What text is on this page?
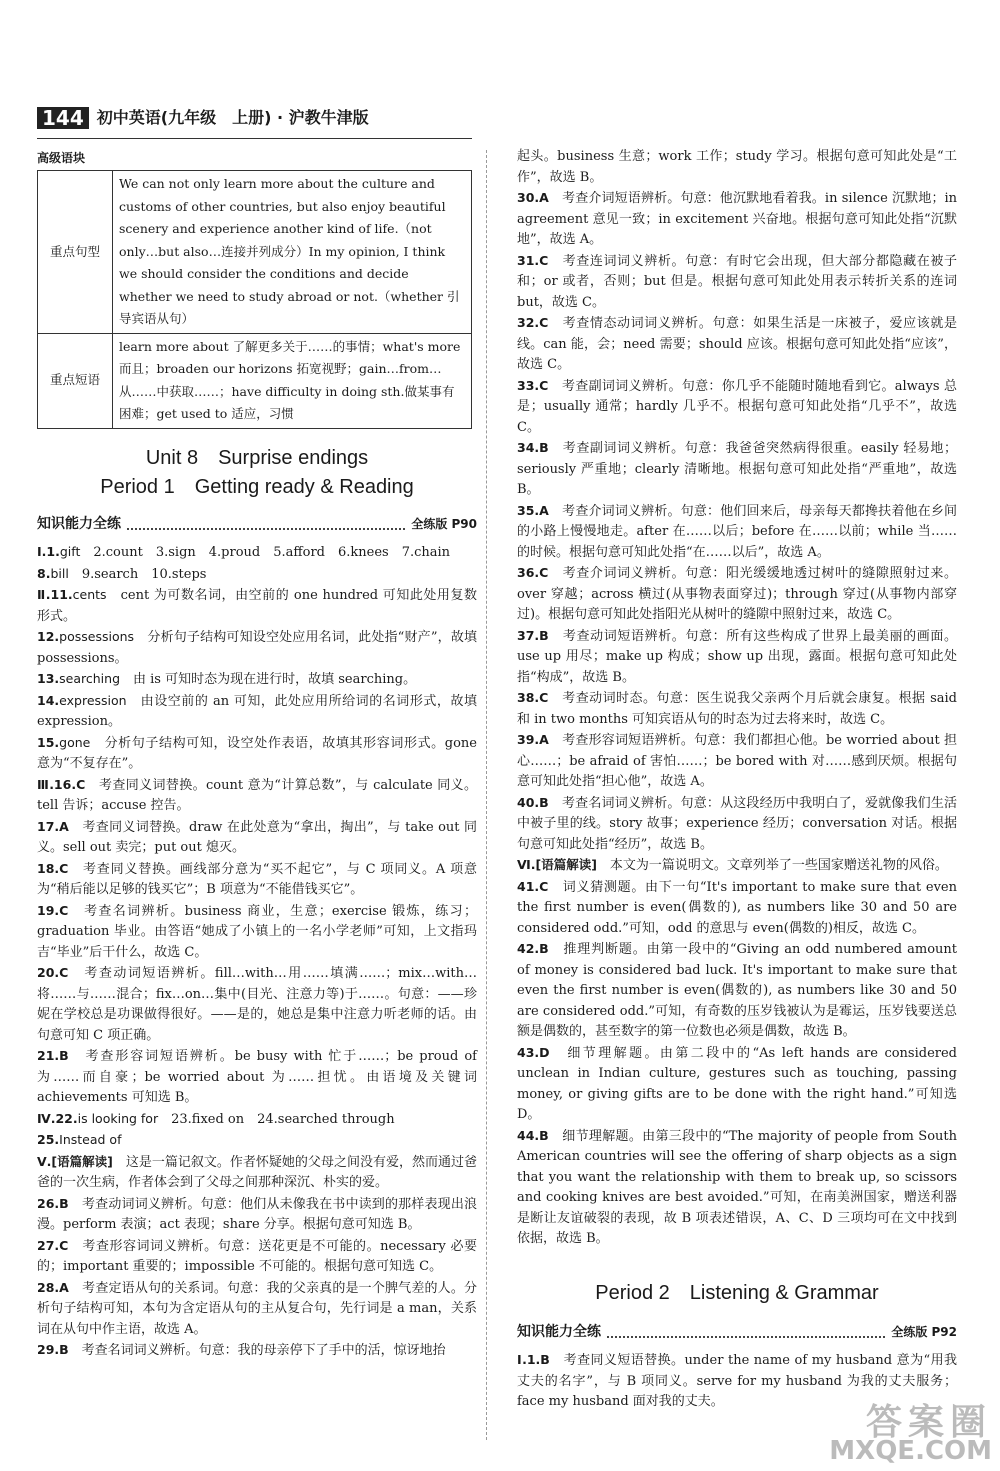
144 初中英语(九年级　上册) · 沪教牛津版
高级语块
重点句型	We can not only learn more about the culture and customs of other countries, but also enjoy beautiful scenery and experience another kind of life.（not only…but also…连接并列成分）In my opinion, I think we should consider the conditions and decide whether we need to study abroad or not.（whether 引导宾语从句）
重点短语	learn more about 了解更多关于……的事情；what's more 而且；broaden our horizons 拓宽视野；gain…from…从……中获取……；have difficulty in doing sth.做某事有困难；get used to 适应，习惯
Unit 8　Surprise endings
Period 1　Getting ready & Reading
知识能力全练	全练版 P90

Ⅰ.1.gift　2.count　3.sign　4.proud　5.afford　6.knees　7.chain

8.bill　9.search　10.steps

Ⅱ.11.cents　cent 为可数名词，由空前的 one hundred 可知此处用复数形式。

12.possessions　分析句子结构可知设空处应用名词，此处指“财产”，故填 possessions。

13.searching　由 is 可知时态为现在进行时，故填 searching。

14.expression　由设空前的 an 可知，此处应用所给词的名词形式，故填 expression。

15.gone　分析句子结构可知，设空处作表语，故填其形容词形式。gone 意为“不复存在”。

Ⅲ.16.C　考查同义词替换。count 意为“计算总数”，与 calculate 同义。tell 告诉；accuse 控告。

17.A　考查同义词替换。draw 在此处意为“拿出，掏出”，与 take out 同义。sell out 卖完；put out 熄灭。

18.C　考查同义替换。画线部分意为“买不起它”，与 C 项同义。A 项意为“稍后能以足够的钱买它”；B 项意为“不能借钱买它”。

19.C　考查名词辨析。business 商业，生意；exercise 锻炼，练习；graduation 毕业。由答语“她成了小镇上的一名小学老师”可知，上文指玛吉“毕业”后干什么，故选 C。

20.C　考查动词短语辨析。fill…with…用……填满……；mix…with…将……与……混合；fix…on…集中(目光、注意力等)于……。句意：——珍妮在学校总是功课做得很好。——是的，她总是集中注意力听老师的话。由句意可知 C 项正确。

21.B　考查形容词短语辨析。be busy with 忙于……；be proud of 为……而自豪；be worried about 为……担忧。由语境及关键词 achievements 可知选 B。

Ⅳ.22.is looking for　23.fixed on　24.searched through

25.Instead of

Ⅴ.[语篇解读]　这是一篇记叙文。作者怀疑她的父母之间没有爱，然而通过爸爸的一次生病，作者体会到了父母之间那种深沉、朴实的爱。

26.B　考查动词词义辨析。句意：他们从未像我在书中读到的那样表现出浪漫。perform 表演；act 表现；share 分享。根据句意可知选 B。

27.C　考查形容词词义辨析。句意：送花更是不可能的。necessary 必要的；important 重要的；impossible 不可能的。根据句意可知选 C。

28.A　考查定语从句的关系词。句意：我的父亲真的是一个脾气差的人。分析句子结构可知，本句为含定语从句的主从复合句，先行词是 a man，关系词在从句中作主语，故选 A。

29.B　考查名词词义辨析。句意：我的母亲停下了手中的活，惊讶地抬

起头。business 生意；work 工作；study 学习。根据句意可知此处是“工作”，故选 B。

30.A　考查介词短语辨析。句意：他沉默地看着我。in silence 沉默地；in agreement 意见一致；in excitement 兴奋地。根据句意可知此处指“沉默地”，故选 A。

31.C　考查连词词义辨析。句意：有时它会出现，但大部分都隐藏在被子和；or 或者，否则；but 但是。根据句意可知此处用表示转折关系的连词 but，故选 C。

32.C　考查情态动词词义辨析。句意：如果生活是一床被子，爱应该就是线。can 能，会；need 需要；should 应该。根据句意可知此处指“应该”，故选 C。

33.C　考查副词词义辨析。句意：你几乎不能随时随地看到它。always 总是；usually 通常；hardly 几乎不。根据句意可知此处指“几乎不”，故选 C。

34.B　考查副词词义辨析。句意：我爸爸突然病得很重。easily 轻易地；seriously 严重地；clearly 清晰地。根据句意可知此处指“严重地”，故选 B。

35.A　考查介词词义辨析。句意：他们回来后，母亲每天都搀扶着他在乡间的小路上慢慢地走。after 在……以后；before 在……以前；while 当……的时候。根据句意可知此处指“在……以后”，故选 A。

36.C　考查介词词义辨析。句意：阳光缓缓地透过树叶的缝隙照射过来。over 穿越；across 横过(从事物表面穿过)；through 穿过(从事物内部穿过)。根据句意可知此处指阳光从树叶的缝隙中照射过来，故选 C。

37.B　考查动词短语辨析。句意：所有这些构成了世界上最美丽的画面。use up 用尽；make up 构成；show up 出现，露面。根据句意可知此处指“构成”，故选 B。

38.C　考查动词时态。句意：医生说我父亲两个月后就会康复。根据 said 和 in two months 可知宾语从句的时态为过去将来时，故选 C。

39.A　考查形容词短语辨析。句意：我们都担心他。be worried about 担心……；be afraid of 害怕……；be bored with 对……感到厌烦。根据句意可知此处指“担心他”，故选 A。

40.B　考查名词词义辨析。句意：从这段经历中我明白了，爱就像我们生活中被子里的线。story 故事；experience 经历；conversation 对话。根据句意可知此处指“经历”，故选 B。

Ⅵ.[语篇解读]　本文为一篇说明文。文章列举了一些国家赠送礼物的风俗。

41.C　词义猜测题。由下一句“It's important to make sure that even the first number is even(偶数的), as numbers like 30 and 50 are considered odd.”可知，odd 的意思与 even(偶数的)相反，故选 C。

42.B　推理判断题。由第一段中的“Giving an odd numbered amount of money is considered bad luck. It's important to make sure that even the first number is even(偶数的), as numbers like 30 and 50 are considered odd.”可知，有奇数的压岁钱被认为是霉运，压岁钱要送总额是偶数的，甚至数字的第一位数也必须是偶数，故选 B。

43.D　细节理解题。由第二段中的“As left hands are considered unclean in Indian culture, gestures such as touching, passing money, or giving gifts are to be done with the right hand.”可知选 D。

44.B　细节理解题。由第三段中的“The majority of people from South American countries will see the offering of sharp objects as a sign that you want the relationship with them to break up, so scissors and cooking knives are best avoided.”可知，在南美洲国家，赠送利器是断让友谊破裂的表现，故 B 项表述错误，A、C、D 三项均可在文中找到依据，故选 B。

Period 2　Listening & Grammar
知识能力全练	全练版 P92

Ⅰ.1.B　考查同义短语替换。under the name of my husband 意为“用我丈夫的名字”，与 B 项同义。serve for my husband 为我的丈夫服务；face my husband 面对我的丈夫。

答案圈
MXQE.COM
